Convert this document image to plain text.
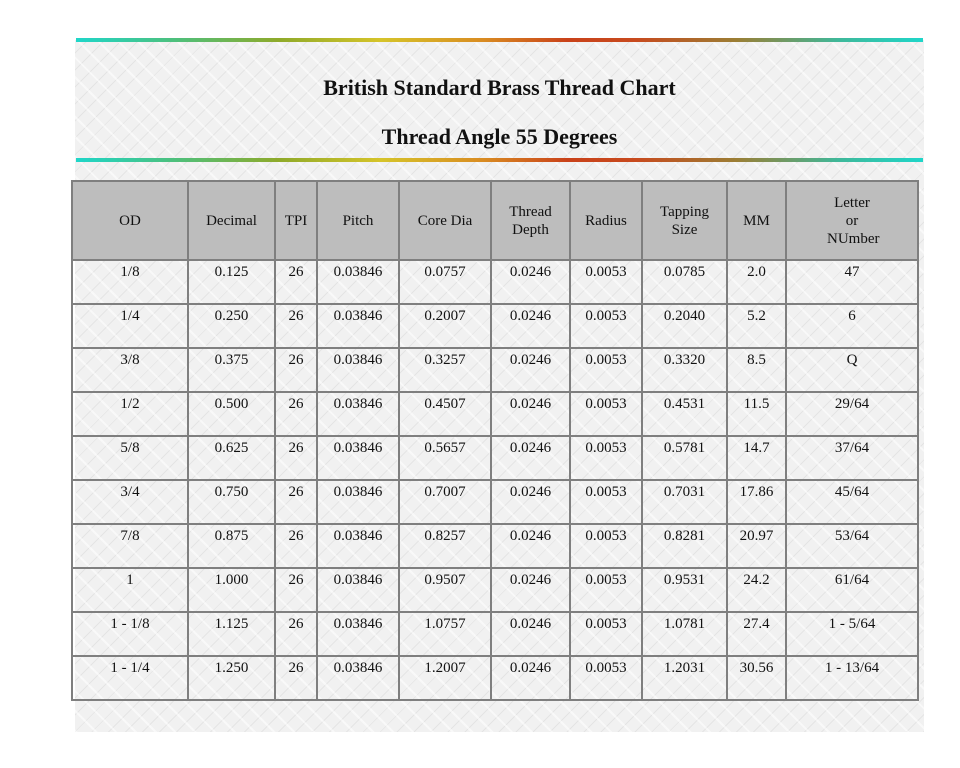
British Standard Brass Thread Chart
Thread Angle 55 Degrees
OD	Decimal	TPI	Pitch	Core Dia	Thread Depth	Radius	Tapping Size	MM	Letter or NUmber
1/8	0.125	26	0.03846	0.0757	0.0246	0.0053	0.0785	2.0	47
1/4	0.250	26	0.03846	0.2007	0.0246	0.0053	0.2040	5.2	6
3/8	0.375	26	0.03846	0.3257	0.0246	0.0053	0.3320	8.5	Q
1/2	0.500	26	0.03846	0.4507	0.0246	0.0053	0.4531	11.5	29/64
5/8	0.625	26	0.03846	0.5657	0.0246	0.0053	0.5781	14.7	37/64
3/4	0.750	26	0.03846	0.7007	0.0246	0.0053	0.7031	17.86	45/64
7/8	0.875	26	0.03846	0.8257	0.0246	0.0053	0.8281	20.97	53/64
1	1.000	26	0.03846	0.9507	0.0246	0.0053	0.9531	24.2	61/64
1 - 1/8	1.125	26	0.03846	1.0757	0.0246	0.0053	1.0781	27.4	1 - 5/64
1 - 1/4	1.250	26	0.03846	1.2007	0.0246	0.0053	1.2031	30.56	1 - 13/64
